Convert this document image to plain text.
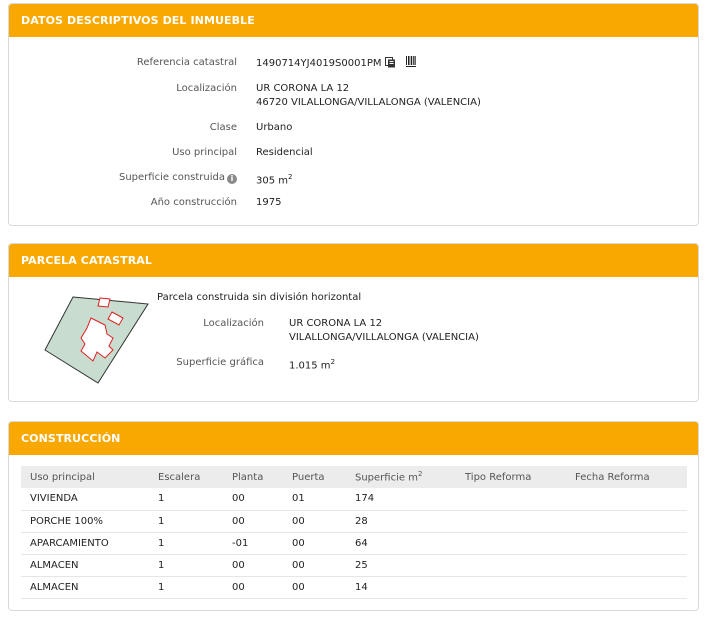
DATOS DESCRIPTIVOS DEL INMUEBLE
Referencia catastral 1490714YJ4019S0001PM
Localización UR CORONA LA 12
46720 VILALLONGA/VILLALONGA (VALENCIA)
Clase Urbano
Uso principal Residencial
Superficie construida i	305 $m^2$
Año construcción 1975
PARCELA CATASTRAL
Parcela construida sin división horizontal
Localización	UR CORONA LA 12
VILALLONGA/VILLALONGA (VALENCIA)
Superficie gráfica	1.015 $m^2$
CONSTRUCCIÓN
Uso principal	Escalera	Planta	Puerta	Superficie $m^2$	Tipo Reforma	Fecha Reforma
VIVIENDA	1	00	01	174		
PORCHE 100%	1	00	00	28		
APARCAMIENTO	1	-01	00	64		
ALMACEN	1	00	00	25		
ALMACEN	1	00	00	14		
